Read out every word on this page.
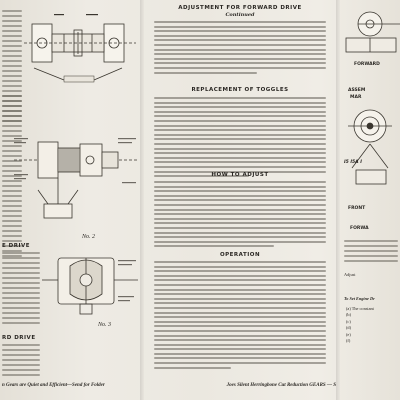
No. 2
E DRIVE
No. 3
RD DRIVE
n Gears are Quiet and Efficient—Send for Folder
ADJUSTMENT FOR FORWARD DRIVE
Continued
REPLACEMENT OF TOGGLES
HOW TO ADJUST
OPERATION
Joes Silent Herringbone Cut Reduction GEARS — S
FORWARD
ASSEM
MAR
I5 I5A I
FRONT
FORWA
Adjust
To Set Engine Dr
(a) The constant
(b)
(c)
(d)
(e)
(f)
